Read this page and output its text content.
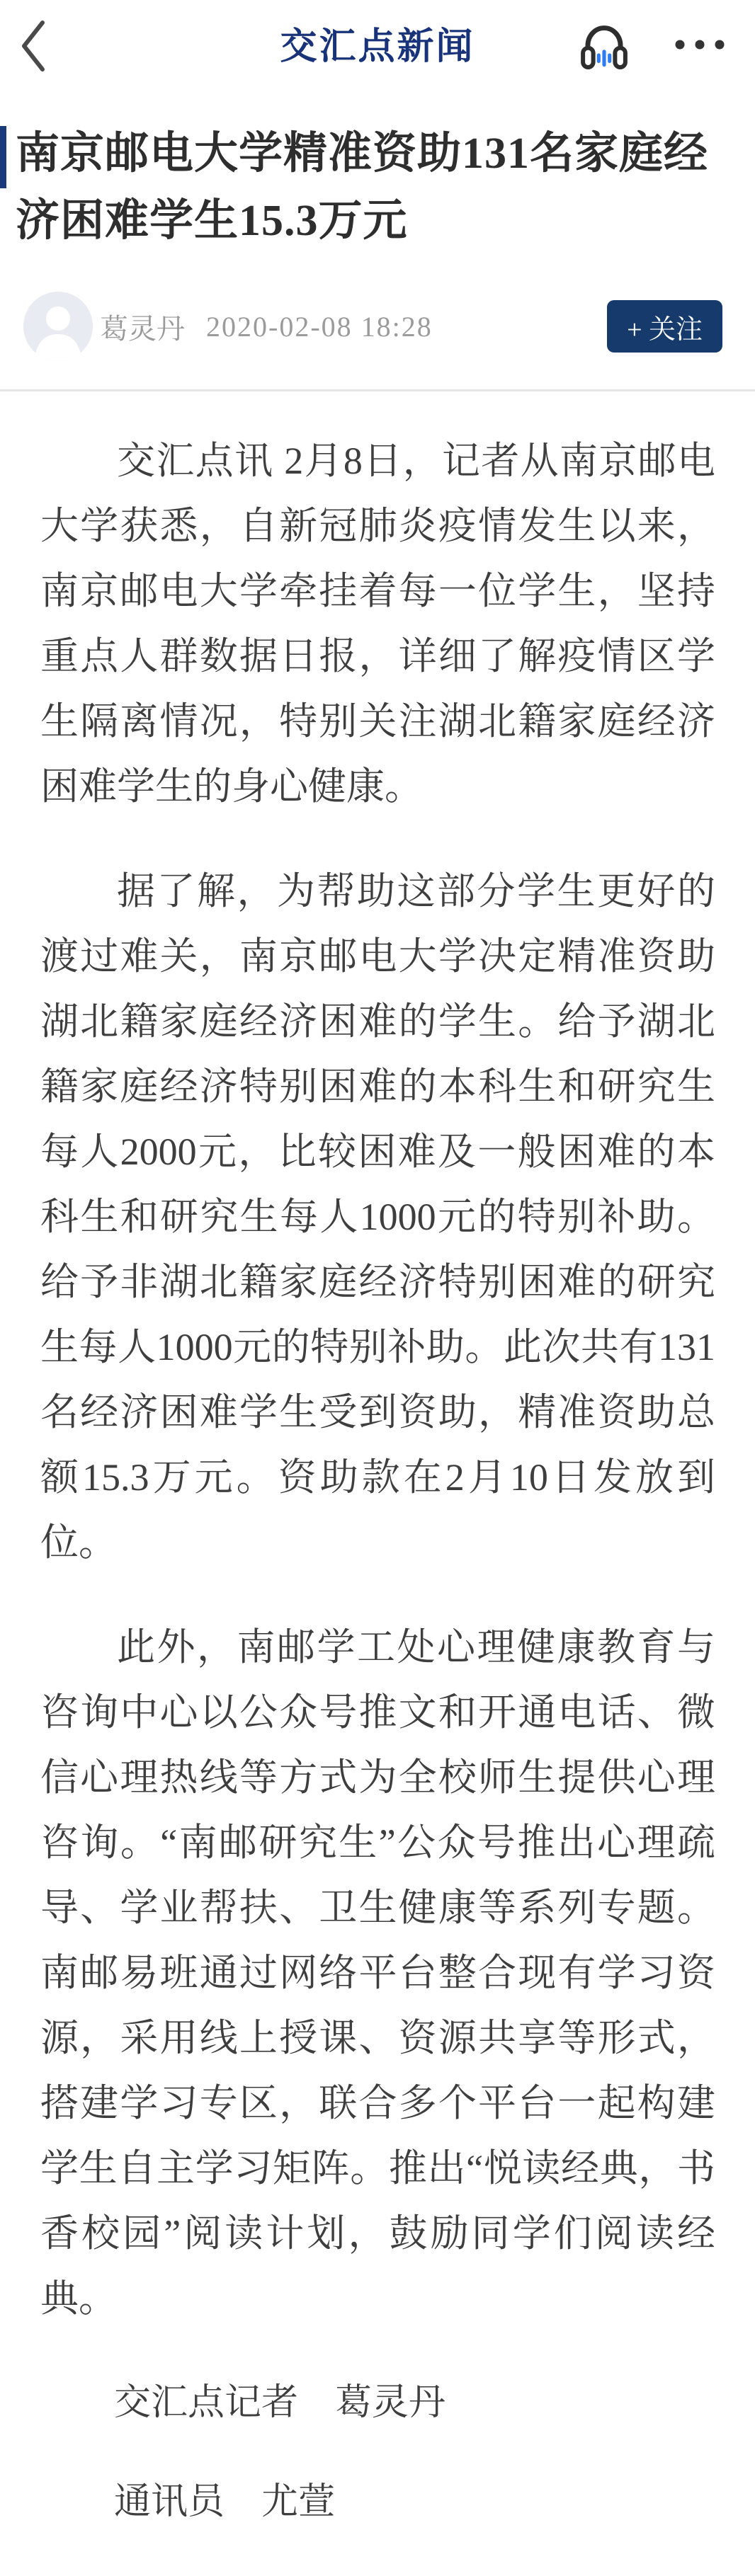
交汇点新闻
南京邮电大学精准资助131名家庭经济困难学生15.3万元
葛灵丹 2020-02-08 18:28	+ 关注

交汇点讯 2月8日，记者从南京邮电大学获悉，自新冠肺炎疫情发生以来，南京邮电大学牵挂着每一位学生，坚持重点人群数据日报，详细了解疫情区学生隔离情况，特别关注湖北籍家庭经济困难学生的身心健康。

据了解，为帮助这部分学生更好的渡过难关，南京邮电大学决定精准资助湖北籍家庭经济困难的学生。给予湖北籍家庭经济特别困难的本科生和研究生每人2000元，比较困难及一般困难的本科生和研究生每人1000元的特别补助。给予非湖北籍家庭经济特别困难的研究生每人1000元的特别补助。此次共有131名经济困难学生受到资助，精准资助总额15.3万元。资助款在2月10日发放到位。

此外，南邮学工处心理健康教育与咨询中心以公众号推文和开通电话、微信心理热线等方式为全校师生提供心理咨询。“南邮研究生”公众号推出心理疏导、学业帮扶、卫生健康等系列专题。南邮易班通过网络平台整合现有学习资源，采用线上授课、资源共享等形式，搭建学习专区，联合多个平台一起构建学生自主学习矩阵。推出“悦读经典，书香校园”阅读计划，鼓励同学们阅读经典。

交汇点记者　葛灵丹

通讯员　尤萱
